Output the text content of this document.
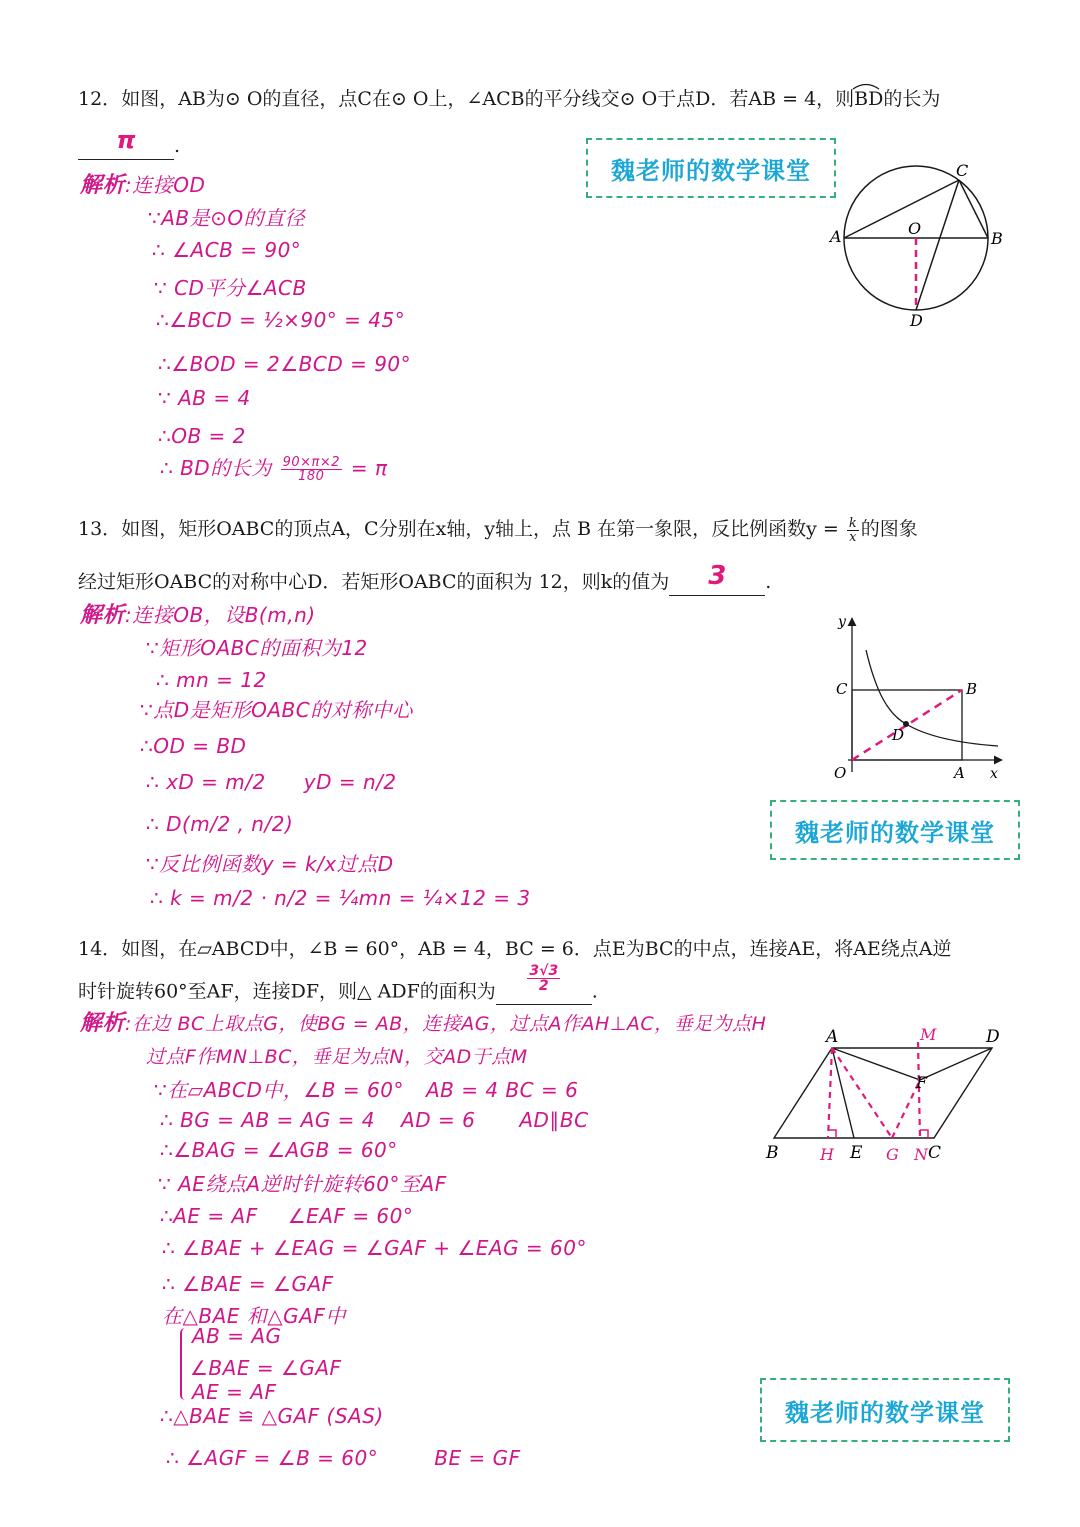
12．如图，AB为⊙ O的直径，点C在⊙ O上，∠ACB的平分线交⊙ O于点D．若AB = 4，则BD
的长为
π .
魏老师的数学课堂
解析:连接OD
∵AB是⊙O的直径
∴ ∠ACB = 90°
∵ CD平分∠ACB
∴∠BCD = ½×90° = 45°
∴∠BOD = 2∠BCD = 90°
∵ AB = 4
∴OB = 2
∴ BD的长为 $\frac{90\times\pi\times 2}{180} = \pi$
A	B
C
O
D
13．如图，矩形OABC的顶点A，C分别在x轴，y轴上，点 B 在第一象限，反比例函数$y = \frac{k}{x}$ 的图象
经过矩形OABC的对称中心D．若矩形OABC的面积为 12，则k的值为 3 .
解析:连接OB，设B(m,n)
∵矩形OABC的面积为12
∴ mn = 12
∵点D是矩形OABC的对称中心
∴OD = BD
∴ xD = m/2 yD = n/2
∴ D(m/2 , n/2)
∵反比例函数y = k/x过点D
∴ k = m/2 · n/2 = ¼mn = ¼×12 = 3
y
x
C	B
D
O	A
魏老师的数学课堂
14．如图，在▱ABCD中，∠B = 60°，AB = 4，BC = 6．点E为BC的中点，连接AE，将AE绕点A逆
时针旋转60°至AF，连接DF，则△ ADF的面积为 $\frac{3√3}{2}$ .
解析:在边 BC上取点G，使BG = AB，连接AG，过点A作AH⊥AC，垂足为点H
过点F作MN⊥BC，垂足为点N，交AD于点M
∵在▱ABCD中，∠B = 60° AB = 4 BC = 6
∴ BG = AB = AG = 4 AD = 6 AD∥BC
∴∠BAG = ∠AGB = 60°
∵ AE绕点A逆时针旋转60°至AF
∴AE = AF ∠EAF = 60°
∴ ∠BAE + ∠EAG = ∠GAF + ∠EAG = 60°
∴ ∠BAE = ∠GAF
在△BAE 和△GAF中
AB = AG
∠BAE = ∠GAF
AE = AF
∴△BAE ≌ △GAF (SAS)
∴ ∠AGF = ∠B = 60°	BE = GF
A	M	D
F
B	H E G N C
魏老师的数学课堂
